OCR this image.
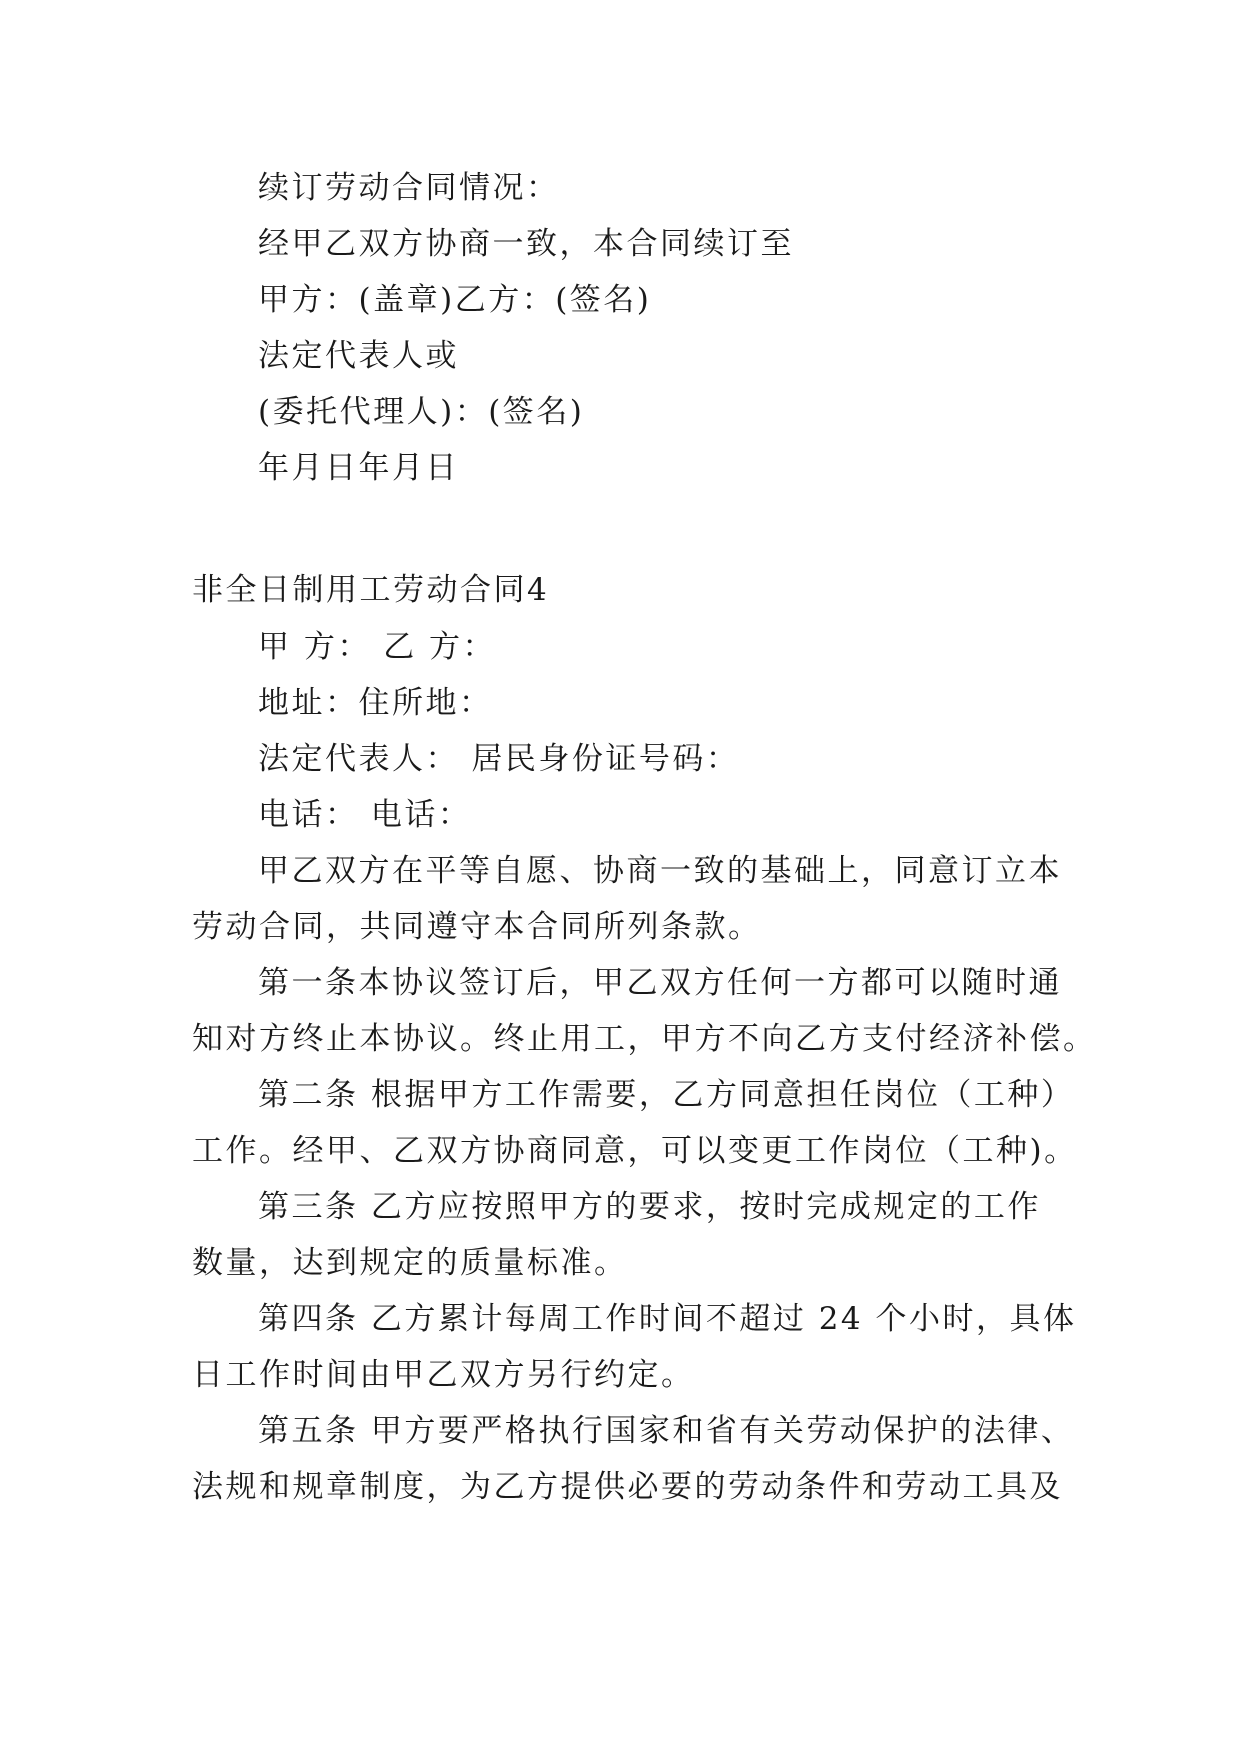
续订劳动合同情况：

经甲乙双方协商一致，本合同续订至

甲方：(盖章)乙方：(签名)

法定代表人或

(委托代理人)：(签名)

年月日年月日

非全日制用工劳动合同4

甲 方： 乙 方：

地址：住所地：

法定代表人： 居民身份证号码：

电话： 电话：

甲乙双方在平等自愿、协商一致的基础上，同意订立本

劳动合同，共同遵守本合同所列条款。

第一条本协议签订后，甲乙双方任何一方都可以随时通

知对方终止本协议。终止用工，甲方不向乙方支付经济补偿。

第二条 根据甲方工作需要，乙方同意担任岗位（工种）

工作。经甲、乙双方协商同意，可以变更工作岗位（工种)。

第三条 乙方应按照甲方的要求，按时完成规定的工作

数量，达到规定的质量标准。

第四条 乙方累计每周工作时间不超过 24 个小时，具体

日工作时间由甲乙双方另行约定。

第五条 甲方要严格执行国家和省有关劳动保护的法律、

法规和规章制度，为乙方提供必要的劳动条件和劳动工具及
